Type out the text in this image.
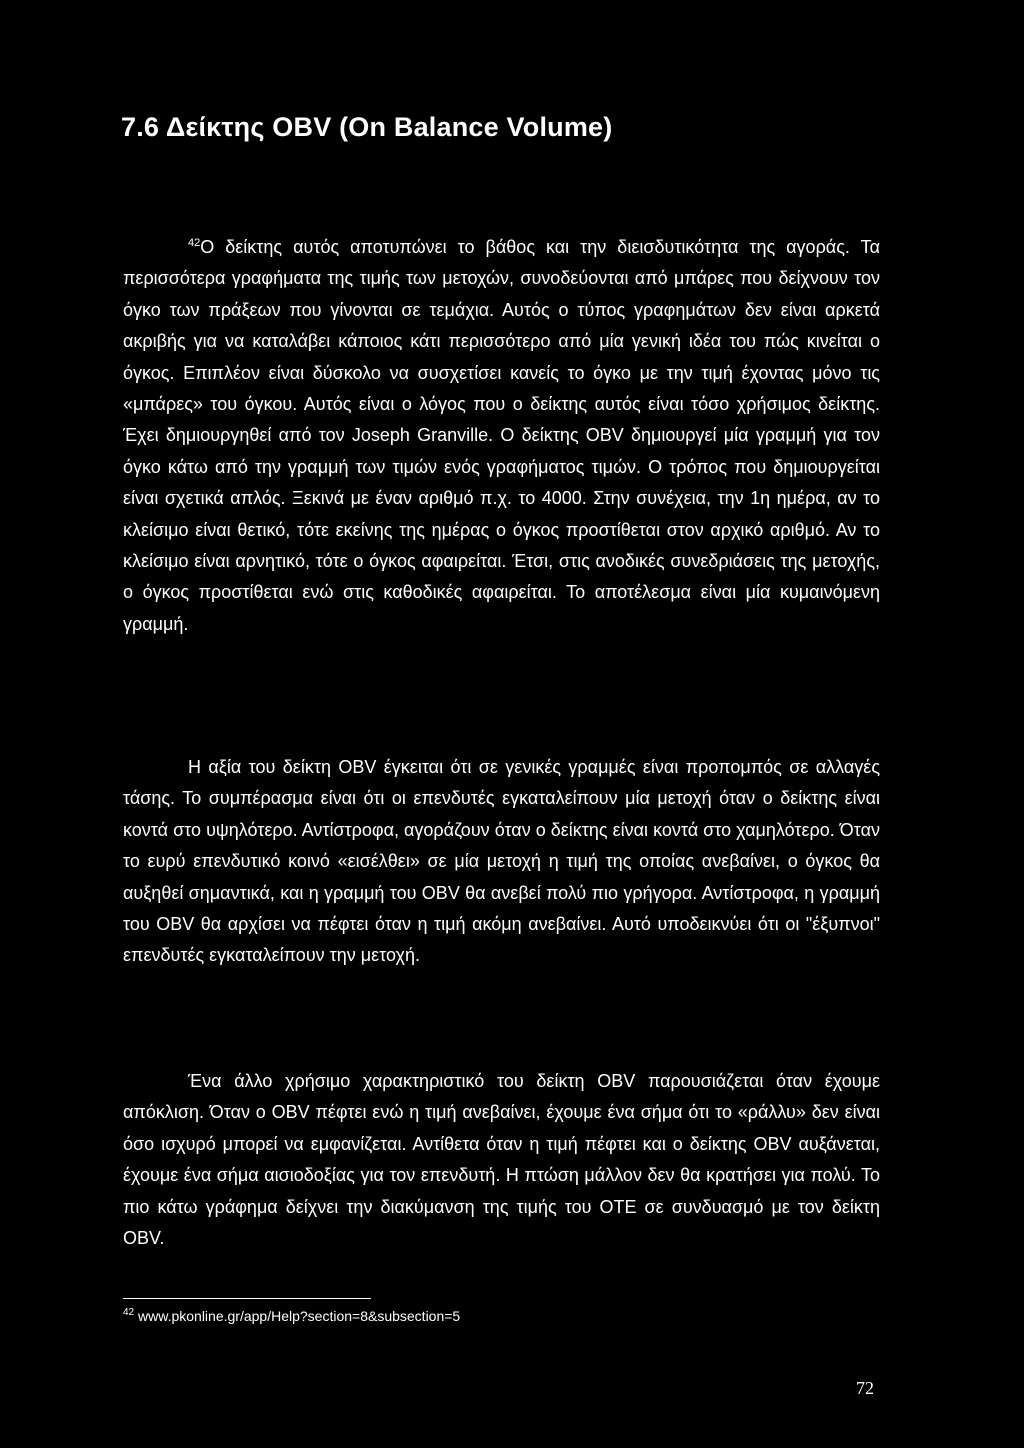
7.6 Δείκτης OBV (On Balance Volume)

$^{42}$Ο δείκτης αυτός αποτυπώνει το βάθος και την διεισδυτικότητα της αγοράς. Τα περισσότερα γραφήματα της τιμής των μετοχών, συνοδεύονται από μπάρες που δείχνουν τον όγκο των πράξεων που γίνονται σε τεμάχια. Αυτός ο τύπος γραφημάτων δεν είναι αρκετά ακριβής για να καταλάβει κάποιος κάτι περισσότερο από μία γενική ιδέα του πώς κινείται ο όγκος. Επιπλέον είναι δύσκολο να συσχετίσει κανείς το όγκο με την τιμή έχοντας μόνο τις «μπάρες» του όγκου. Αυτός είναι ο λόγος που ο δείκτης αυτός είναι τόσο χρήσιμος δείκτης. Έχει δημιουργηθεί από τον Joseph Granville. Ο δείκτης OBV δημιουργεί μία γραμμή για τον όγκο κάτω από την γραμμή των τιμών ενός γραφήματος τιμών. Ο τρόπος που δημιουργείται είναι σχετικά απλός. Ξεκινά με έναν αριθμό π.χ. το 4000. Στην συνέχεια, την 1η ημέρα, αν το κλείσιμο είναι θετικό, τότε εκείνης της ημέρας ο όγκος προστίθεται στον αρχικό αριθμό. Αν το κλείσιμο είναι αρνητικό, τότε ο όγκος αφαιρείται. Έτσι, στις ανοδικές συνεδριάσεις της μετοχής, ο όγκος προστίθεται ενώ στις καθοδικές αφαιρείται. Το αποτέλεσμα είναι μία κυμαινόμενη γραμμή.

Η αξία του δείκτη OBV έγκειται ότι σε γενικές γραμμές είναι προπομπός σε αλλαγές τάσης. Το συμπέρασμα είναι ότι οι επενδυτές εγκαταλείπουν μία μετοχή όταν ο δείκτης είναι κοντά στο υψηλότερο. Αντίστροφα, αγοράζουν όταν ο δείκτης είναι κοντά στο χαμηλότερο. Όταν το ευρύ επενδυτικό κοινό «εισέλθει» σε μία μετοχή η τιμή της οποίας ανεβαίνει, ο όγκος θα αυξηθεί σημαντικά, και η γραμμή του OBV θα ανεβεί πολύ πιο γρήγορα. Αντίστροφα, η γραμμή του OBV θα αρχίσει να πέφτει όταν η τιμή ακόμη ανεβαίνει. Αυτό υποδεικνύει ότι οι "έξυπνοι" επενδυτές εγκαταλείπουν την μετοχή.

Ένα άλλο χρήσιμο χαρακτηριστικό του δείκτη OBV παρουσιάζεται όταν έχουμε απόκλιση. Όταν ο OBV πέφτει ενώ η τιμή ανεβαίνει, έχουμε ένα σήμα ότι το «ράλλυ» δεν είναι όσο ισχυρό μπορεί να εμφανίζεται. Αντίθετα όταν η τιμή πέφτει και ο δείκτης OBV αυξάνεται, έχουμε ένα σήμα αισιοδοξίας για τον επενδυτή. Η πτώση μάλλον δεν θα κρατήσει για πολύ. Το πιο κάτω γράφημα δείχνει την διακύμανση της τιμής του ΟΤΕ σε συνδυασμό με τον δείκτη OBV.

$^{42}$ www.pkonline.gr/app/Help?section=8&subsection=5
72
